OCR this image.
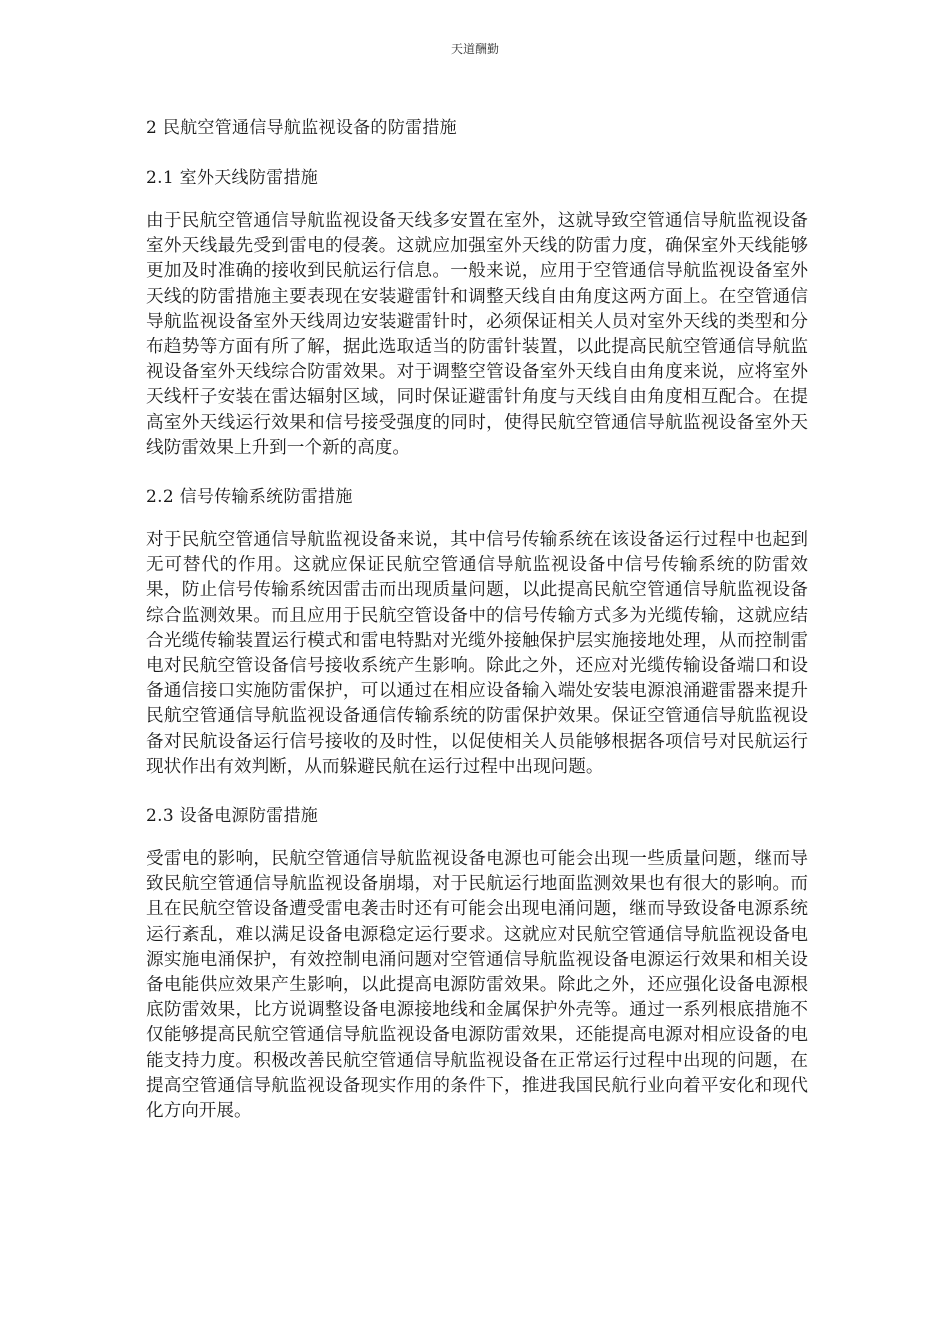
天道酬勤
2 民航空管通信导航监视设备的防雷措施
2.1 室外天线防雷措施

由于民航空管通信导航监视设备天线多安置在室外，这就导致空管通信导航监视设备室外天线最先受到雷电的侵袭。这就应加强室外天线的防雷力度，确保室外天线能够更加及时准确的接收到民航运行信息。一般来说，应用于空管通信导航监视设备室外天线的防雷措施主要表现在安装避雷针和调整天线自由角度这两方面上。在空管通信导航监视设备室外天线周边安装避雷针时，必须保证相关人员对室外天线的类型和分布趋势等方面有所了解，据此选取适当的防雷针装置，以此提高民航空管通信导航监视设备室外天线综合防雷效果。对于调整空管设备室外天线自由角度来说，应将室外天线杆子安装在雷达辐射区域，同时保证避雷针角度与天线自由角度相互配合。在提高室外天线运行效果和信号接受强度的同时，使得民航空管通信导航监视设备室外天线防雷效果上升到一个新的高度。

2.2 信号传输系统防雷措施

对于民航空管通信导航监视设备来说，其中信号传输系统在该设备运行过程中也起到无可替代的作用。这就应保证民航空管通信导航监视设备中信号传输系统的防雷效果，防止信号传输系统因雷击而出现质量问题，以此提高民航空管通信导航监视设备综合监测效果。而且应用于民航空管设备中的信号传输方式多为光缆传输，这就应结合光缆传输装置运行模式和雷电特點对光缆外接触保护层实施接地处理，从而控制雷电对民航空管设备信号接收系统产生影响。除此之外，还应对光缆传输设备端口和设备通信接口实施防雷保护，可以通过在相应设备输入端处安装电源浪涌避雷器来提升民航空管通信导航监视设备通信传输系统的防雷保护效果。保证空管通信导航监视设备对民航设备运行信号接收的及时性，以促使相关人员能够根据各项信号对民航运行现状作出有效判断，从而躲避民航在运行过程中出现问题。

2.3 设备电源防雷措施

受雷电的影响，民航空管通信导航监视设备电源也可能会出现一些质量问题，继而导致民航空管通信导航监视设备崩塌，对于民航运行地面监测效果也有很大的影响。而且在民航空管设备遭受雷电袭击时还有可能会出现电涌问题，继而导致设备电源系统运行紊乱，难以满足设备电源稳定运行要求。这就应对民航空管通信导航监视设备电源实施电涌保护，有效控制电涌问题对空管通信导航监视设备电源运行效果和相关设备电能供应效果产生影响，以此提高电源防雷效果。除此之外，还应强化设备电源根底防雷效果，比方说调整设备电源接地线和金属保护外壳等。通过一系列根底措施不仅能够提高民航空管通信导航监视设备电源防雷效果，还能提高电源对相应设备的电能支持力度。积极改善民航空管通信导航监视设备在正常运行过程中出现的问题，在提高空管通信导航监视设备现实作用的条件下，推进我国民航行业向着平安化和现代化方向开展。
